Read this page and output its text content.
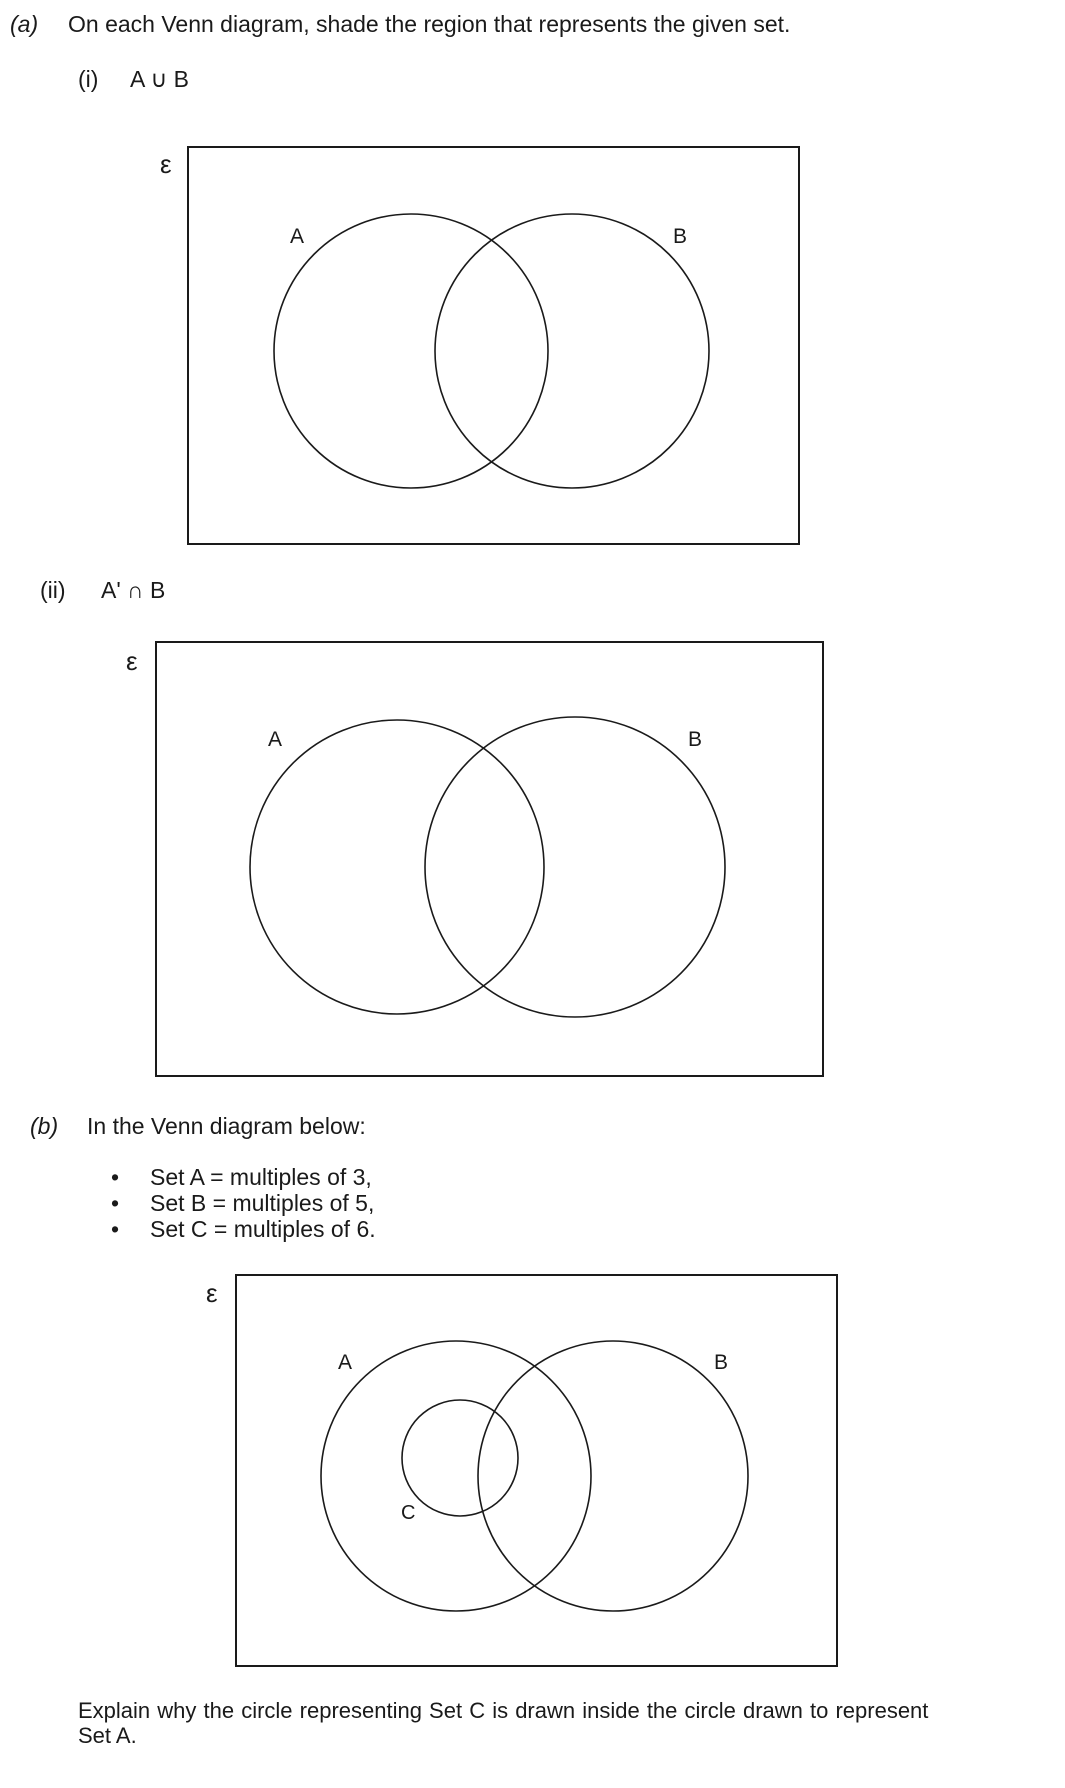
(a) On each Venn diagram, shade the region that represents the given set.
(i) A ∪ B
ε
A	B
ε
A	B
ε
A	B
C
(ii) A' ∩ B
(b) In the Venn diagram below:
• Set A = multiples of 3,
• Set B = multiples of 5,
• Set C = multiples of 6.
Explain why the circle representing Set C is drawn inside the circle drawn to represent
Set A.
